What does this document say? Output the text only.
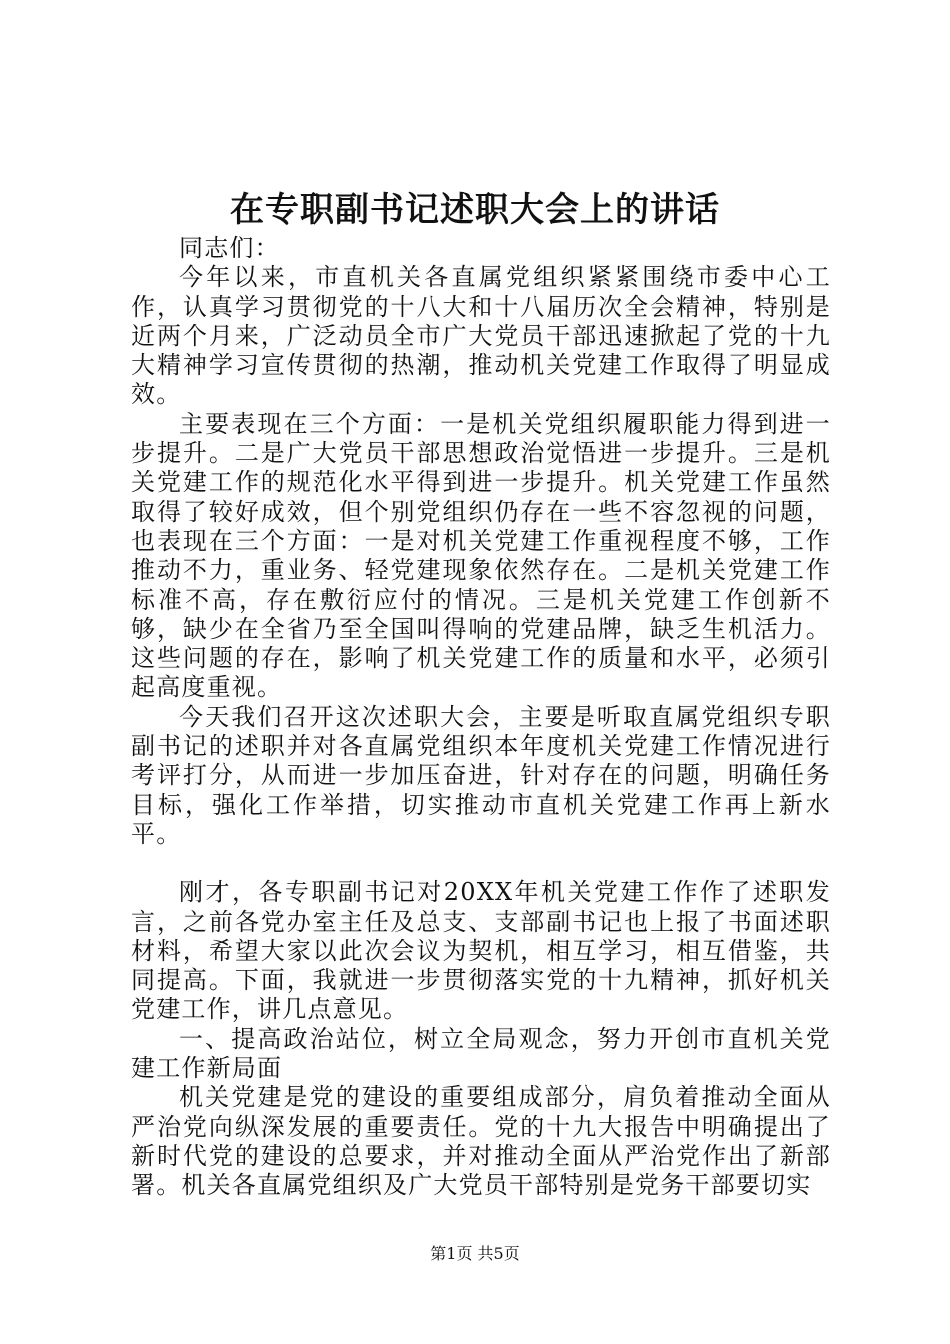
在专职副书记述职大会上的讲话

同志们：

今年以来，市直机关各直属党组织紧紧围绕市委中心工作，认真学习贯彻党的十八大和十八届历次全会精神，特别是近两个月来，广泛动员全市广大党员干部迅速掀起了党的十九大精神学习宣传贯彻的热潮，推动机关党建工作取得了明显成效。

主要表现在三个方面：一是机关党组织履职能力得到进一步提升。二是广大党员干部思想政治觉悟进一步提升。三是机关党建工作的规范化水平得到进一步提升。机关党建工作虽然取得了较好成效，但个别党组织仍存在一些不容忽视的问题，也表现在三个方面：一是对机关党建工作重视程度不够，工作推动不力，重业务、轻党建现象依然存在。二是机关党建工作标准不高，存在敷衍应付的情况。三是机关党建工作创新不够，缺少在全省乃至全国叫得响的党建品牌，缺乏生机活力。这些问题的存在，影响了机关党建工作的质量和水平，必须引起高度重视。

今天我们召开这次述职大会，主要是听取直属党组织专职副书记的述职并对各直属党组织本年度机关党建工作情况进行考评打分，从而进一步加压奋进，针对存在的问题，明确任务目标，强化工作举措，切实推动市直机关党建工作再上新水平。

刚才，各专职副书记对20XX年机关党建工作作了述职发言，之前各党办室主任及总支、支部副书记也上报了书面述职材料，希望大家以此次会议为契机，相互学习，相互借鉴，共同提高。下面，我就进一步贯彻落实党的十九精神，抓好机关党建工作，讲几点意见。

一、提高政治站位，树立全局观念，努力开创市直机关党建工作新局面

机关党建是党的建设的重要组成部分，肩负着推动全面从严治党向纵深发展的重要责任。党的十九大报告中明确提出了新时代党的建设的总要求，并对推动全面从严治党作出了新部署。机关各直属党组织及广大党员干部特别是党务干部要切实

第1页 共5页
